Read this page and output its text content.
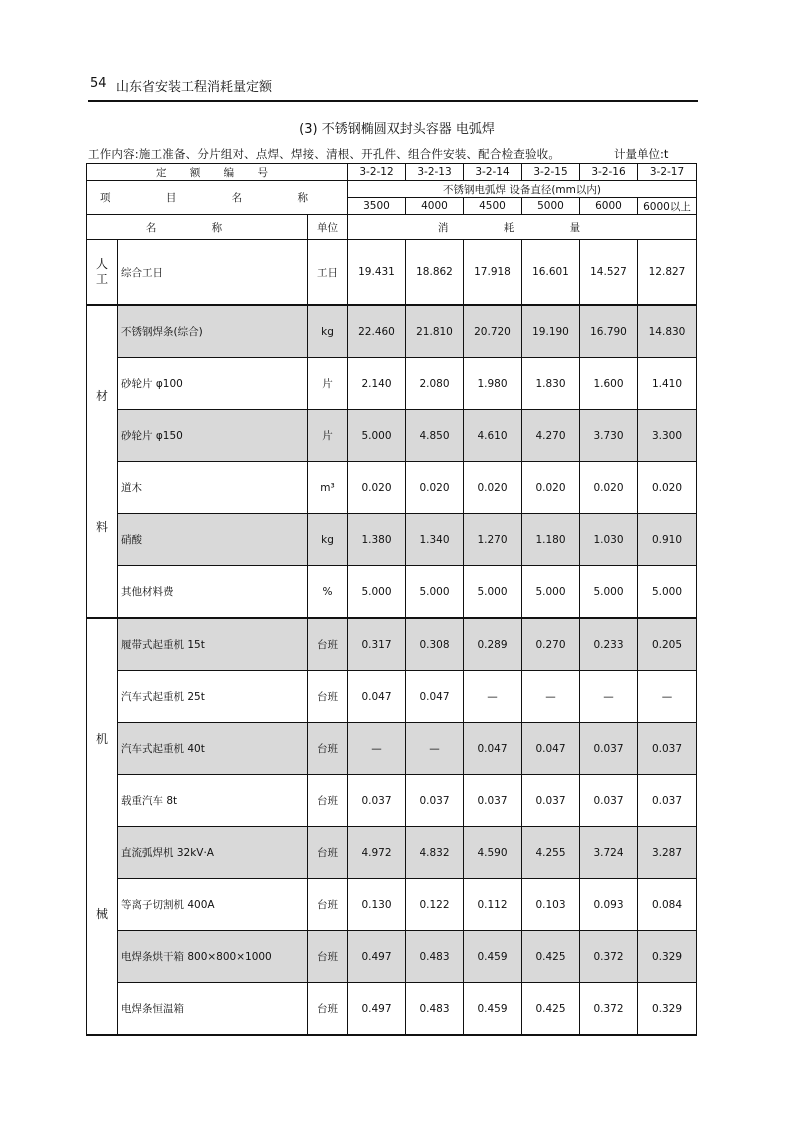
54 山东省安装工程消耗量定额
(3) 不锈钢椭圆双封头容器 电弧焊
工作内容:施工准备、分片组对、点焊、焊接、清根、开孔件、组合件安装、配合检查验收。	计量单位:t
定 额 编 号			3-2-12	3-2-13	3-2-14	3-2-15	3-2-16	3-2-17
项 目 名 称			不锈钢电弧焊 设备直径(mm以内)					
			3500	4000	4500	5000	6000	6000以上
名 称		单位	消 耗 量					
人工	综合工日	工日	19.431	18.862	17.918	16.601	14.527	12.827
材料	不锈钢焊条(综合)	kg	22.460	21.810	20.720	19.190	16.790	14.830
	砂轮片 φ100	片	2.140	2.080	1.980	1.830	1.600	1.410
	砂轮片 φ150	片	5.000	4.850	4.610	4.270	3.730	3.300
	道木	m³	0.020	0.020	0.020	0.020	0.020	0.020
	硝酸	kg	1.380	1.340	1.270	1.180	1.030	0.910
	其他材料费	%	5.000	5.000	5.000	5.000	5.000	5.000
机械	履带式起重机 15t	台班	0.317	0.308	0.289	0.270	0.233	0.205
	汽车式起重机 25t	台班	0.047	0.047	—	—	—	—
	汽车式起重机 40t	台班	—	—	0.047	0.047	0.037	0.037
	载重汽车 8t	台班	0.037	0.037	0.037	0.037	0.037	0.037
	直流弧焊机 32kV·A	台班	4.972	4.832	4.590	4.255	3.724	3.287
	等离子切割机 400A	台班	0.130	0.122	0.112	0.103	0.093	0.084
	电焊条烘干箱 800×800×1000	台班	0.497	0.483	0.459	0.425	0.372	0.329
	电焊条恒温箱	台班	0.497	0.483	0.459	0.425	0.372	0.329
